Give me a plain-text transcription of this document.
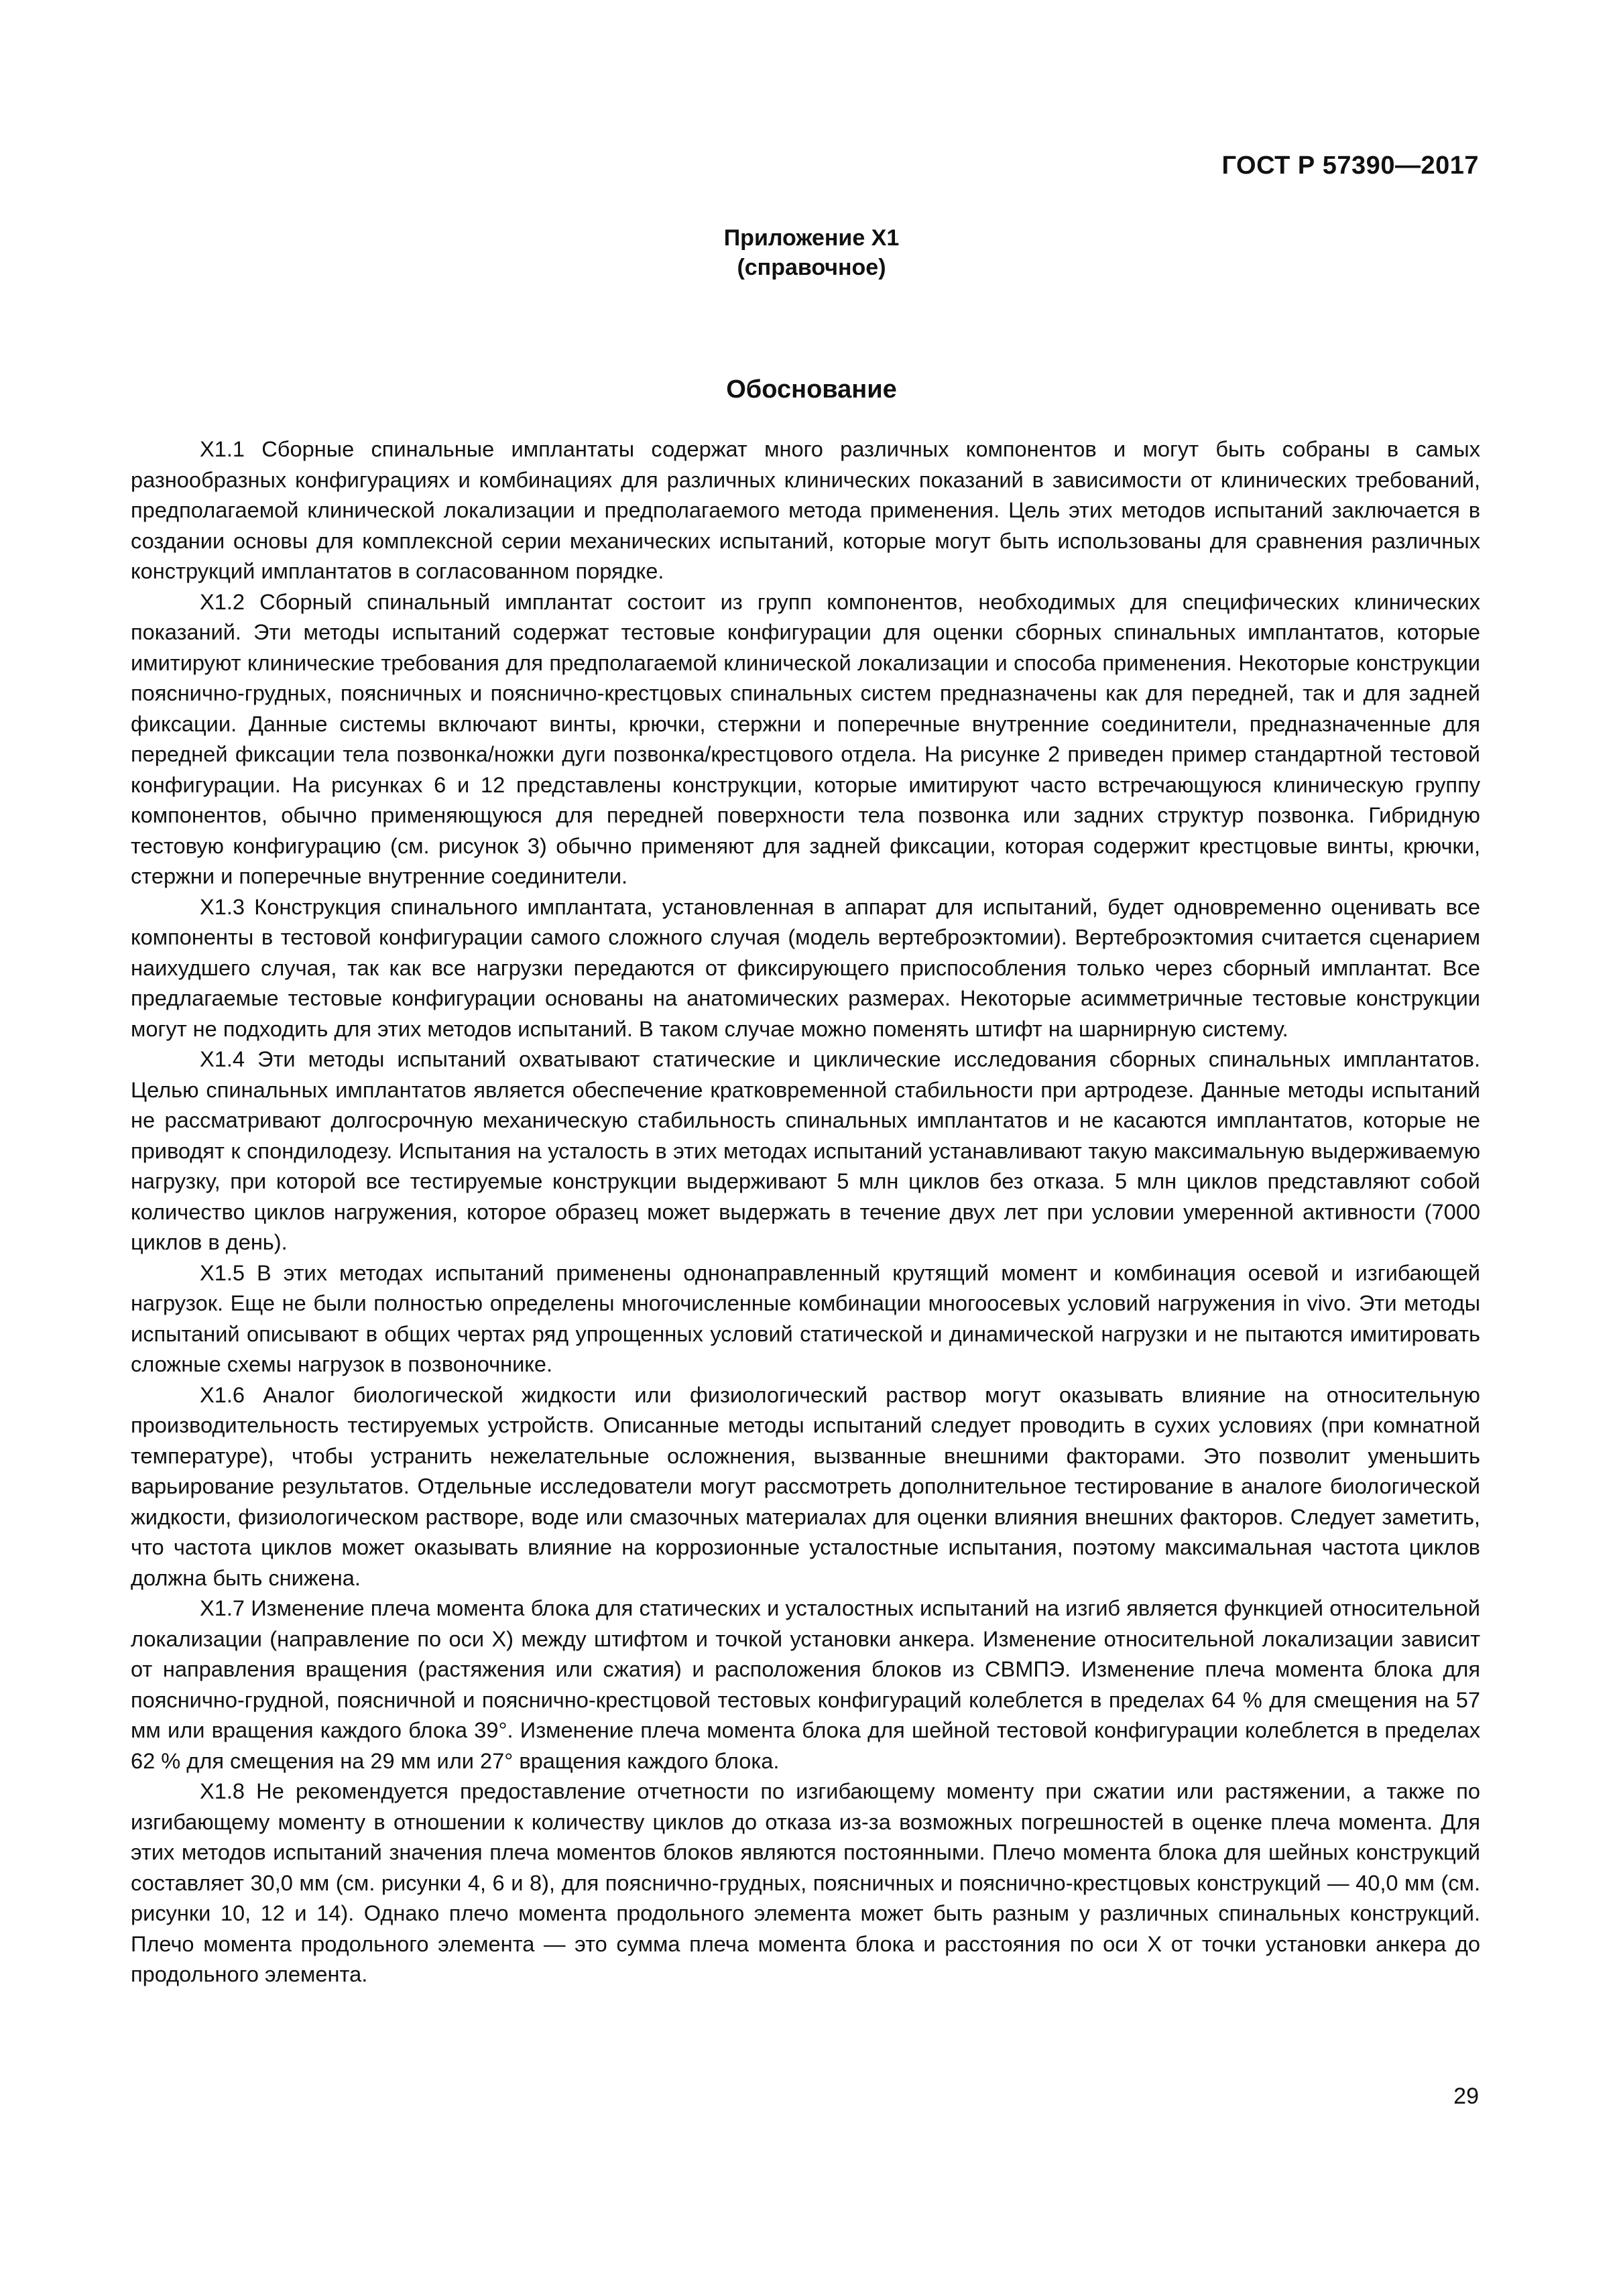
ГОСТ Р 57390—2017
Приложение X1
(справочное)
Обоснование

X1.1 Сборные спинальные имплантаты содержат много различных компонентов и могут быть собраны в самых разнообразных конфигурациях и комбинациях для различных клинических показаний в зависимости от клинических требований, предполагаемой клинической локализации и предполагаемого метода применения. Цель этих методов испытаний заключается в создании основы для комплексной серии механических испытаний, которые могут быть использованы для сравнения различных конструкций имплантатов в согласованном порядке.

X1.2 Сборный спинальный имплантат состоит из групп компонентов, необходимых для специфических клинических показаний. Эти методы испытаний содержат тестовые конфигурации для оценки сборных спинальных имплантатов, которые имитируют клинические требования для предполагаемой клинической локализации и способа применения. Некоторые конструкции пояснично-грудных, поясничных и пояснично-крестцовых спинальных систем предназначены как для передней, так и для задней фиксации. Данные системы включают винты, крючки, стержни и поперечные внутренние соединители, предназначенные для передней фиксации тела позвонка/ножки дуги позвонка/крестцового отдела. На рисунке 2 приведен пример стандартной тестовой конфигурации. На рисунках 6 и 12 представлены конструкции, которые имитируют часто встречающуюся клиническую группу компонентов, обычно применяющуюся для передней поверхности тела позвонка или задних структур позвонка. Гибридную тестовую конфигурацию (см. рисунок 3) обычно применяют для задней фиксации, которая содержит крестцовые винты, крючки, стержни и поперечные внутренние соединители.

X1.3 Конструкция спинального имплантата, установленная в аппарат для испытаний, будет одновременно оценивать все компоненты в тестовой конфигурации самого сложного случая (модель вертеброэктомии). Вертеброэктомия считается сценарием наихудшего случая, так как все нагрузки передаются от фиксирующего приспособления только через сборный имплантат. Все предлагаемые тестовые конфигурации основаны на анатомических размерах. Некоторые асимметричные тестовые конструкции могут не подходить для этих методов испытаний. В таком случае можно поменять штифт на шарнирную систему.

X1.4 Эти методы испытаний охватывают статические и циклические исследования сборных спинальных имплантатов. Целью спинальных имплантатов является обеспечение кратковременной стабильности при артродезе. Данные методы испытаний не рассматривают долгосрочную механическую стабильность спинальных имплантатов и не касаются имплантатов, которые не приводят к спондилодезу. Испытания на усталость в этих методах испытаний устанавливают такую максимальную выдерживаемую нагрузку, при которой все тестируемые конструкции выдерживают 5 млн циклов без отказа. 5 млн циклов представляют собой количество циклов нагружения, которое образец может выдержать в течение двух лет при условии умеренной активности (7000 циклов в день).

X1.5 В этих методах испытаний применены однонаправленный крутящий момент и комбинация осевой и изгибающей нагрузок. Еще не были полностью определены многочисленные комбинации многоосевых условий нагружения in vivo. Эти методы испытаний описывают в общих чертах ряд упрощенных условий статической и динамической нагрузки и не пытаются имитировать сложные схемы нагрузок в позвоночнике.

X1.6 Аналог биологической жидкости или физиологический раствор могут оказывать влияние на относительную производительность тестируемых устройств. Описанные методы испытаний следует проводить в сухих условиях (при комнатной температуре), чтобы устранить нежелательные осложнения, вызванные внешними факторами. Это позволит уменьшить варьирование результатов. Отдельные исследователи могут рассмотреть дополнительное тестирование в аналоге биологической жидкости, физиологическом растворе, воде или смазочных материалах для оценки влияния внешних факторов. Следует заметить, что частота циклов может оказывать влияние на коррозионные усталостные испытания, поэтому максимальная частота циклов должна быть снижена.

X1.7 Изменение плеча момента блока для статических и усталостных испытаний на изгиб является функцией относительной локализации (направление по оси X) между штифтом и точкой установки анкера. Изменение относительной локализации зависит от направления вращения (растяжения или сжатия) и расположения блоков из СВМПЭ. Изменение плеча момента блока для пояснично-грудной, поясничной и пояснично-крестцовой тестовых конфигураций колеблется в пределах 64 % для смещения на 57 мм или вращения каждого блока 39°. Изменение плеча момента блока для шейной тестовой конфигурации колеблется в пределах 62 % для смещения на 29 мм или 27° вращения каждого блока.

X1.8 Не рекомендуется предоставление отчетности по изгибающему моменту при сжатии или растяжении, а также по изгибающему моменту в отношении к количеству циклов до отказа из-за возможных погрешностей в оценке плеча момента. Для этих методов испытаний значения плеча моментов блоков являются постоянными. Плечо момента блока для шейных конструкций составляет 30,0 мм (см. рисунки 4, 6 и 8), для пояснично-грудных, поясничных и пояснично-крестцовых конструкций — 40,0 мм (см. рисунки 10, 12 и 14). Однако плечо момента продольного элемента может быть разным у различных спинальных конструкций. Плечо момента продольного элемента — это сумма плеча момента блока и расстояния по оси X от точки установки анкера до продольного элемента.

29
